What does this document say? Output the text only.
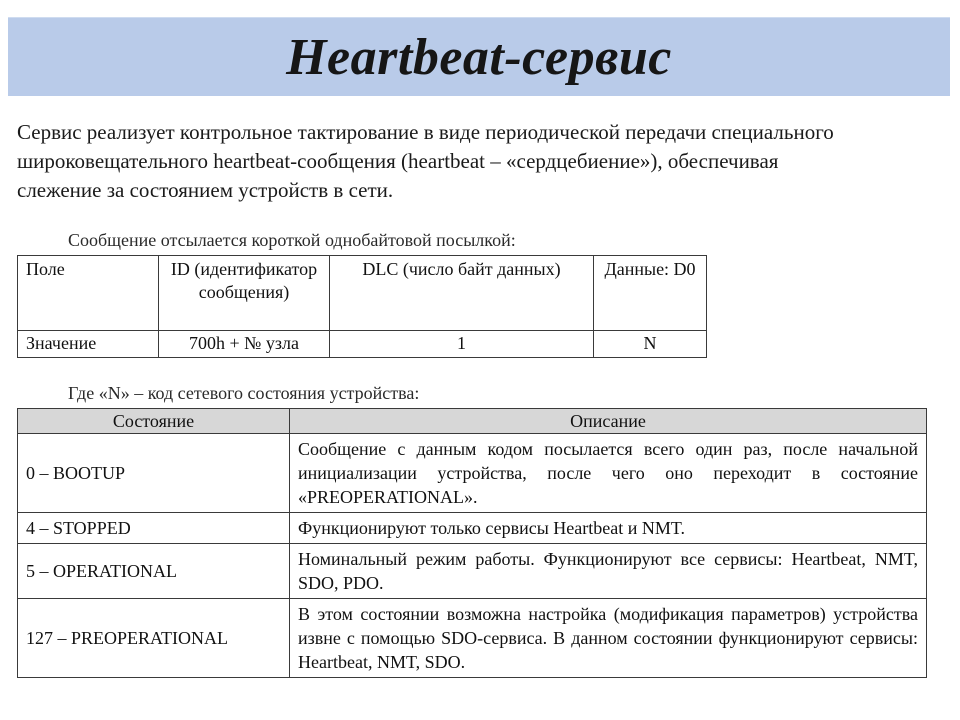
Heartbeat-сервис

Сервис реализует контрольное тактирование в виде периодической передачи специального широковещательного heartbeat-сообщения (heartbeat – «сердцебиение»), обеспечивая слежение за состоянием устройств в сети.

Сообщение отсылается короткой однобайтовой посылкой:

Поле	ID (идентификатор сообщения)	DLC (число байт данных)	Данные: D0
Значение	700h + № узла	1	N

Где «N» – код сетевого состояния устройства:

Состояние	Описание
0 – BOOTUP	Сообщение с данным кодом посылается всего один раз, после начальной инициализации устройства, после чего оно переходит в состояние «PREOPERATIONAL».
4 – STOPPED	Функционируют только сервисы Heartbeat и NMT.
5 – OPERATIONAL	Номинальный режим работы. Функционируют все сервисы: Heartbeat, NMT, SDO, PDO.
127 – PREOPERATIONAL	В этом состоянии возможна настройка (модификация параметров) устройства извне с помощью SDO-сервиса. В данном состоянии функционируют сервисы: Heartbeat, NMT, SDO.
